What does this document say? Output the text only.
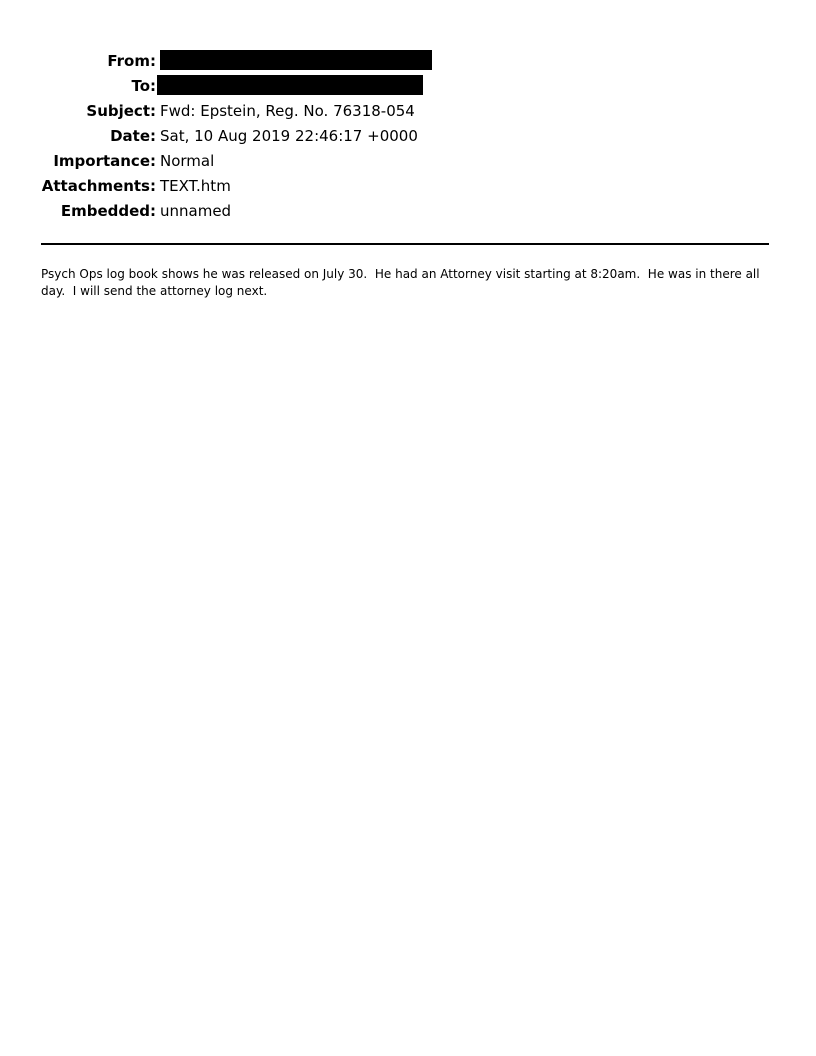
From:
To:
Subject: Fwd: Epstein, Reg. No. 76318-054
Date: Sat, 10 Aug 2019 22:46:17 +0000
Importance: Normal
Attachments: TEXT.htm
Embedded: unnamed
Psych Ops log book shows he was released on July 30.  He had an Attorney visit starting at 8:20am.  He was in there all day.  I will send the attorney log next.
